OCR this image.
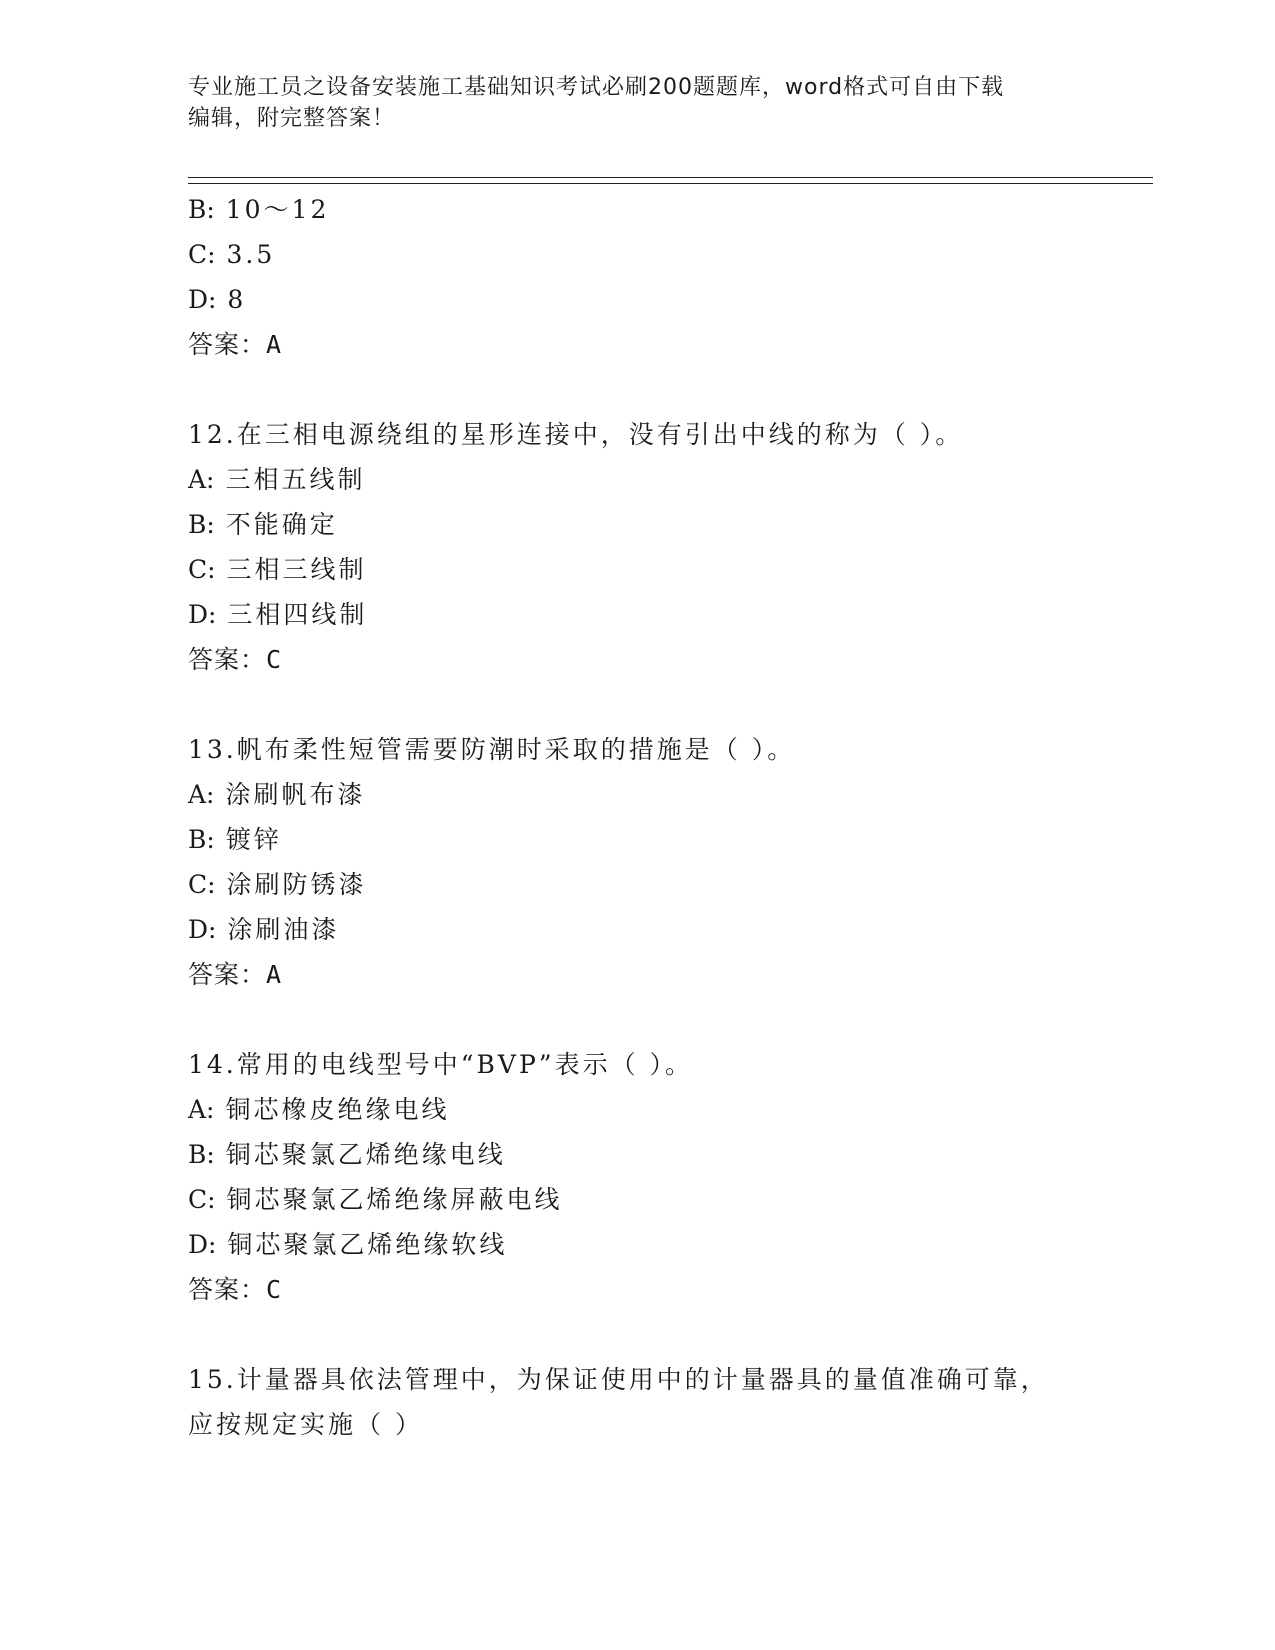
专业施工员之设备安装施工基础知识考试必刷200题题库，word格式可自由下载
编辑，附完整答案！
B: 10～12
C: 3.5
D: 8
答案：A
12.在三相电源绕组的星形连接中，没有引出中线的称为（ ）。
A: 三相五线制
B: 不能确定
C: 三相三线制
D: 三相四线制
答案：C
13.帆布柔性短管需要防潮时采取的措施是（ ）。
A: 涂刷帆布漆
B: 镀锌
C: 涂刷防锈漆
D: 涂刷油漆
答案：A
14.常用的电线型号中“BVP”表示（ ）。
A: 铜芯橡皮绝缘电线
B: 铜芯聚氯乙烯绝缘电线
C: 铜芯聚氯乙烯绝缘屏蔽电线
D: 铜芯聚氯乙烯绝缘软线
答案：C
15.计量器具依法管理中，为保证使用中的计量器具的量值准确可靠，
应按规定实施（ ）
